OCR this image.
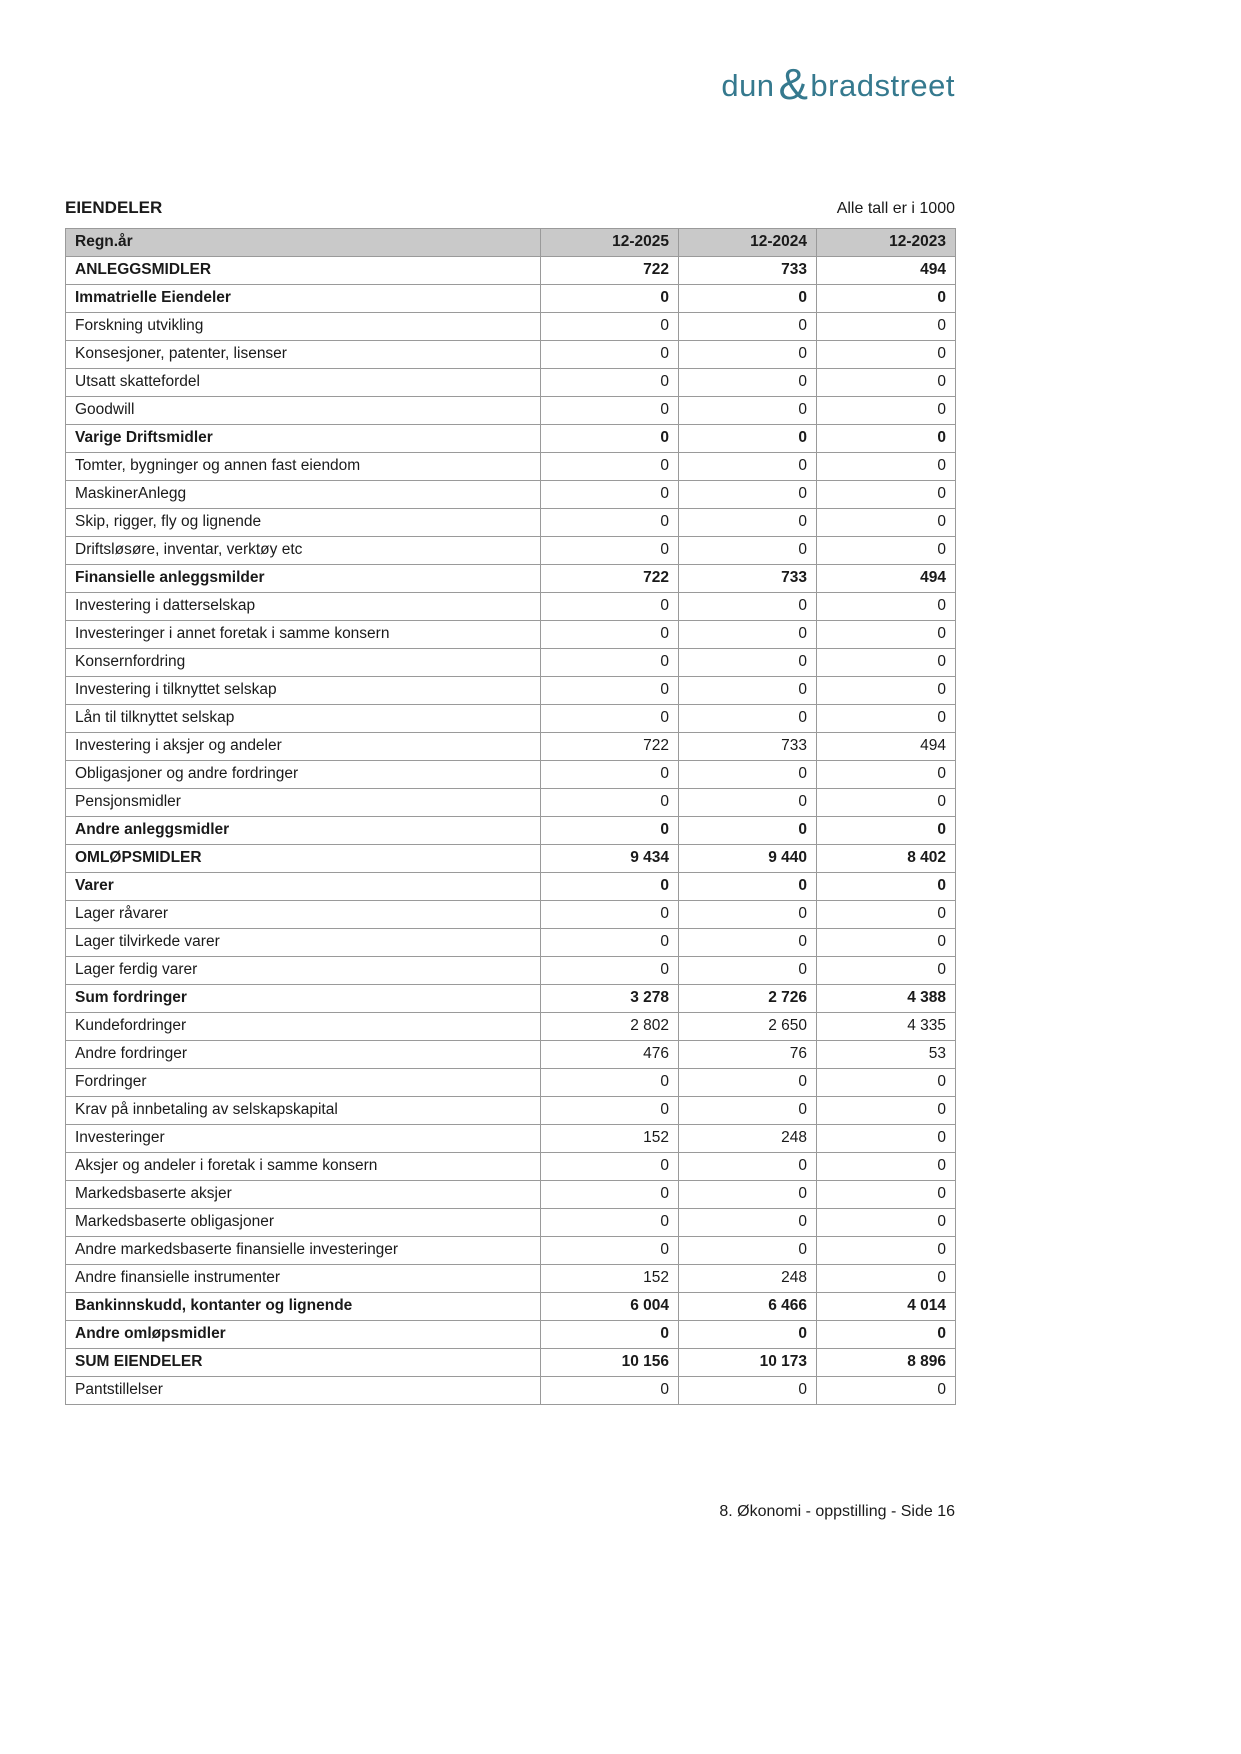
dun & bradstreet
EIENDELER	Alle tall er i 1000
Regn.år	12-2025	12-2024	12-2023
ANLEGGSMIDLER	722	733	494
Immatrielle Eiendeler	0	0	0
Forskning utvikling	0	0	0
Konsesjoner, patenter, lisenser	0	0	0
Utsatt skattefordel	0	0	0
Goodwill	0	0	0
Varige Driftsmidler	0	0	0
Tomter, bygninger og annen fast eiendom	0	0	0
MaskinerAnlegg	0	0	0
Skip, rigger, fly og lignende	0	0	0
Driftsløsøre, inventar, verktøy etc	0	0	0
Finansielle anleggsmilder	722	733	494
Investering i datterselskap	0	0	0
Investeringer i annet foretak i samme konsern	0	0	0
Konsernfordring	0	0	0
Investering i tilknyttet selskap	0	0	0
Lån til tilknyttet selskap	0	0	0
Investering i aksjer og andeler	722	733	494
Obligasjoner og andre fordringer	0	0	0
Pensjonsmidler	0	0	0
Andre anleggsmidler	0	0	0
OMLØPSMIDLER	9 434	9 440	8 402
Varer	0	0	0
Lager råvarer	0	0	0
Lager tilvirkede varer	0	0	0
Lager ferdig varer	0	0	0
Sum fordringer	3 278	2 726	4 388
Kundefordringer	2 802	2 650	4 335
Andre fordringer	476	76	53
Fordringer	0	0	0
Krav på innbetaling av selskapskapital	0	0	0
Investeringer	152	248	0
Aksjer og andeler i foretak i samme konsern	0	0	0
Markedsbaserte aksjer	0	0	0
Markedsbaserte obligasjoner	0	0	0
Andre markedsbaserte finansielle investeringer	0	0	0
Andre finansielle instrumenter	152	248	0
Bankinnskudd, kontanter og lignende	6 004	6 466	4 014
Andre omløpsmidler	0	0	0
SUM EIENDELER	10 156	10 173	8 896
Pantstillelser	0	0	0
8. Økonomi - oppstilling - Side 16
